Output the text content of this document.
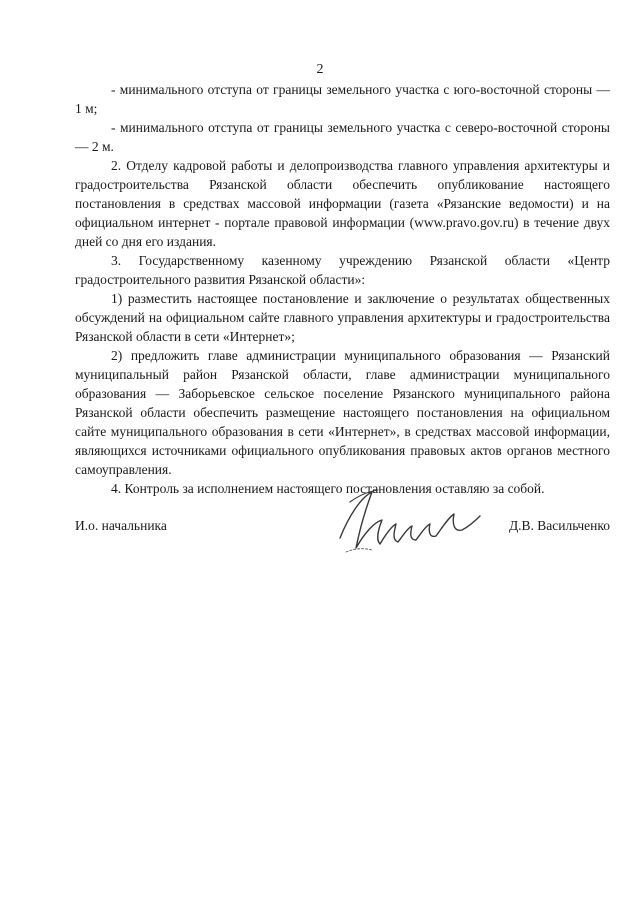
2

- минимального отступа от границы земельного участка с юго-восточной стороны — 1 м;

- минимального отступа от границы земельного участка с северо-восточной стороны — 2 м.

2. Отделу кадровой работы и делопроизводства главного управления архитектуры и градостроительства Рязанской области обеспечить опубликование настоящего постановления в средствах массовой информации (газета «Рязанские ведомости) и на официальном интернет - портале правовой информации (www.pravo.gov.ru) в течение двух дней со дня его издания.

3. Государственному казенному учреждению Рязанской области «Центр градостроительного развития Рязанской области»:

1) разместить настоящее постановление и заключение о результатах общественных обсуждений на официальном сайте главного управления архитектуры и градостроительства Рязанской области в сети «Интернет»;

2) предложить главе администрации муниципального образования — Рязанский муниципальный район Рязанской области, главе администрации муниципального образования — Заборьевское сельское поселение Рязанского муниципального района Рязанской области обеспечить размещение настоящего постановления на официальном сайте муниципального образования в сети «Интернет», в средствах массовой информации, являющихся источниками официального опубликования правовых актов органов местного самоуправления.

4. Контроль за исполнением настоящего постановления оставляю за собой.

И.о. начальника	Д.В. Васильченко
